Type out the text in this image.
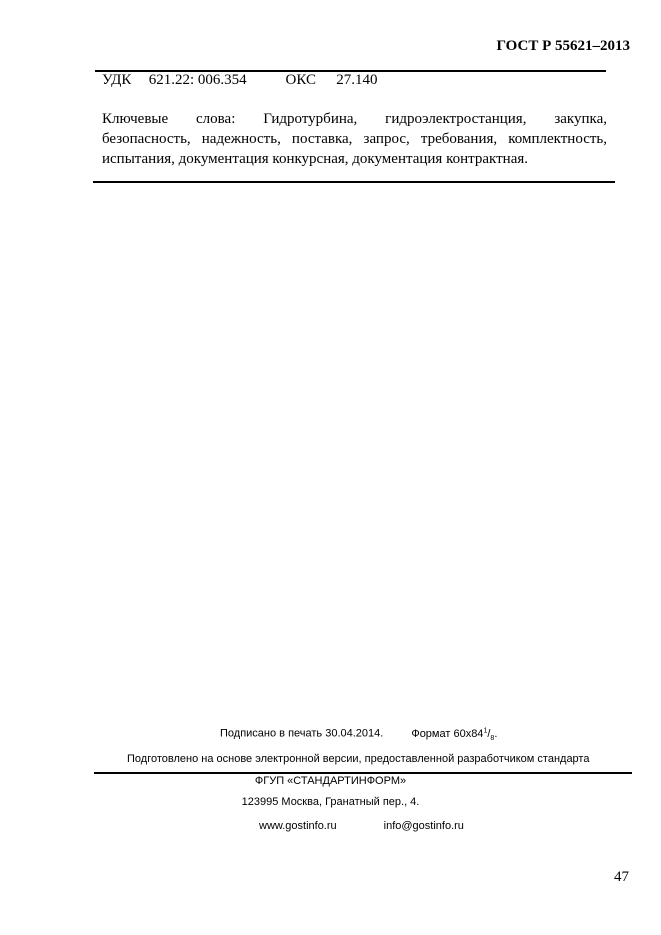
ГОСТ Р 55621–2013
УДК 621.22: 006.354	ОКС 27.140
Ключевые слова: Гидротурбина, гидроэлектростанция, закупка,
безопасность, надежность, поставка, запрос, требования, комплектность,
испытания, документация конкурсная, документация контрактная.
Подписано в печать 30.04.2014.	Формат $60х84^1/_8$.
Подготовлено на основе электронной версии, предоставленной разработчиком стандарта
ФГУП «СТАНДАРТИНФОРМ»
123995 Москва, Гранатный пер., 4.
www.gostinfo.ru	info@gostinfo.ru
47
